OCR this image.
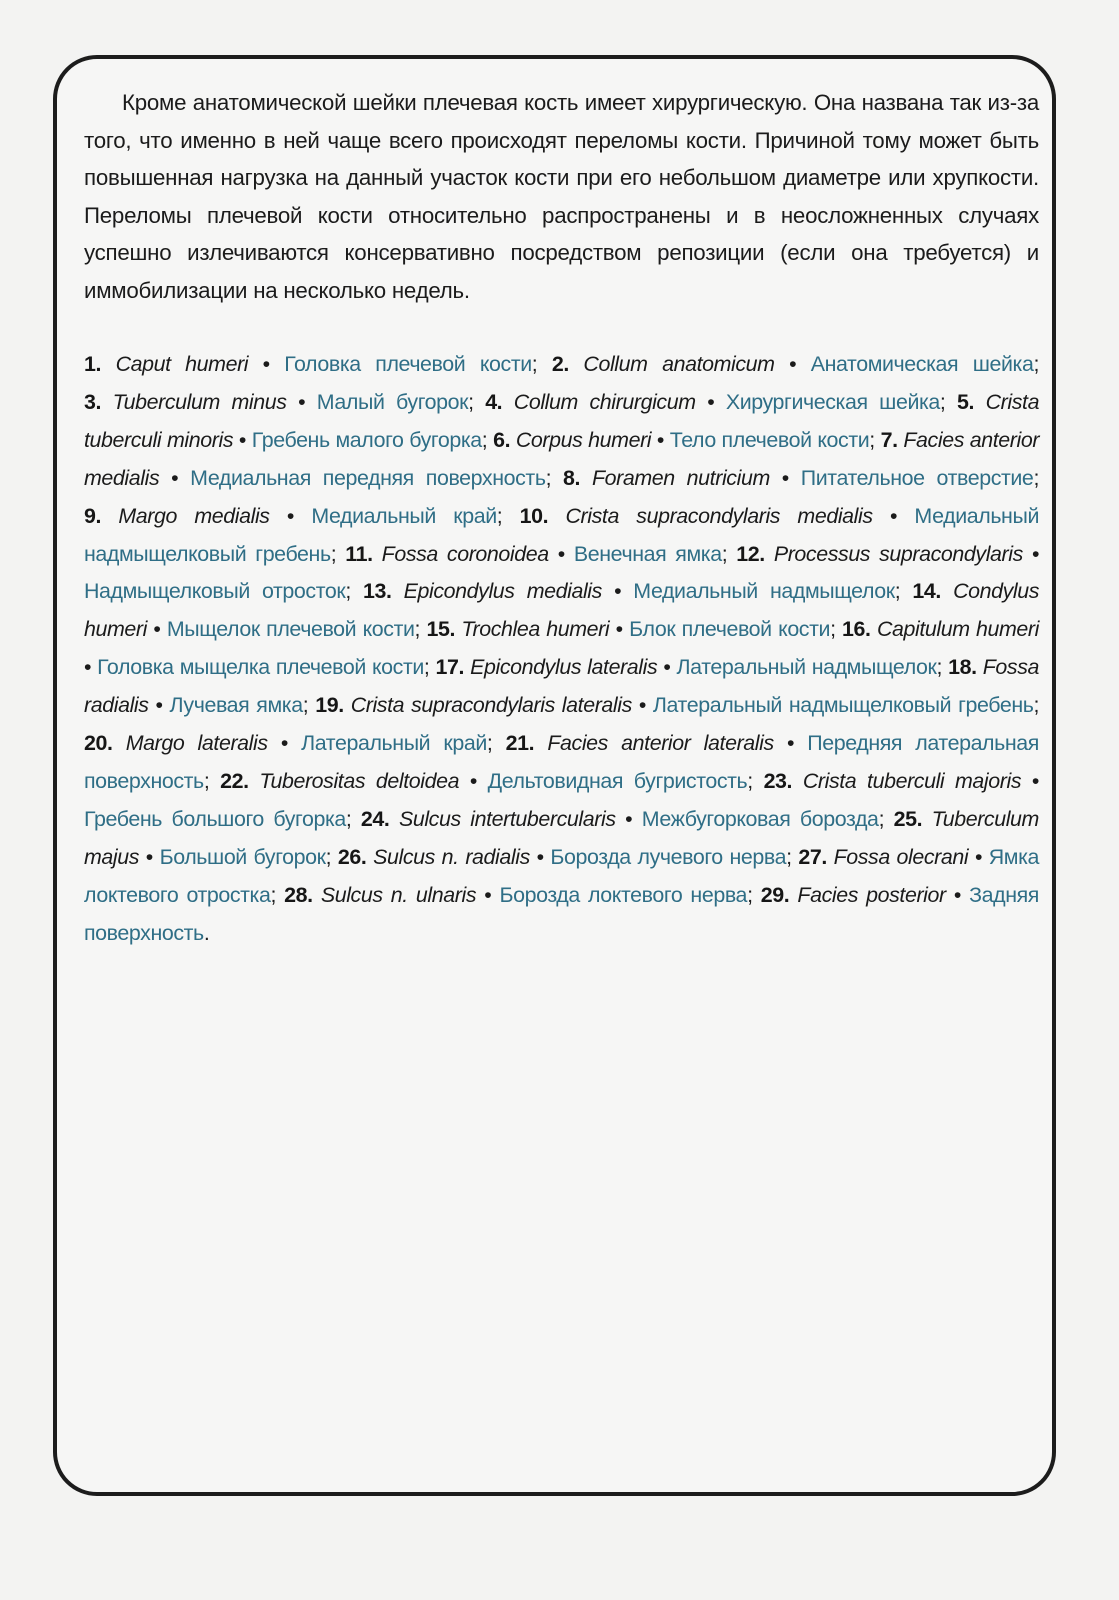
Кроме анатомической шейки плечевая кость имеет хирургическую. Она названа так из-за того, что именно в ней чаще всего происходят переломы кости. Причиной тому может быть повышенная нагрузка на данный участок кости при его небольшом диаметре или хрупкости. Переломы плечевой кости относительно распространены и в неосложненных случаях успешно излечиваются консервативно посредством репозиции (если она требуется) и иммобилизации на несколько недель.

1. Caput humeri • Головка плечевой кости; 2. Collum anatomicum • Анатомическая шейка; 3. Tuberculum minus • Малый бугорок; 4. Collum chirurgicum • Хирургическая шейка; 5. Crista tuberculi minoris • Гребень малого бугорка; 6. Corpus humeri • Тело плечевой кости; 7. Facies anterior medialis • Медиальная передняя поверхность; 8. Foramen nutricium • Питательное отверстие; 9. Margo medialis • Медиальный край; 10. Crista supracondylaris medialis • Медиальный надмыщелковый гребень; 11. Fossa coronoidea • Венечная ямка; 12. Processus supracondylaris • Надмыщелковый отросток; 13. Epicondylus medialis • Медиальный надмыщелок; 14. Condylus humeri • Мыщелок плечевой кости; 15. Trochlea humeri • Блок плечевой кости; 16. Capitulum humeri • Головка мыщелка плечевой кости; 17. Epicondylus lateralis • Латеральный надмыщелок; 18. Fossa radialis • Лучевая ямка; 19. Crista supracondylaris lateralis • Латеральный надмыщелковый гребень; 20. Margo lateralis • Латеральный край; 21. Facies anterior lateralis • Передняя латеральная поверхность; 22. Tuberositas deltoidea • Дельтовидная бугристость; 23. Crista tuberculi majoris • Гребень большого бугорка; 24. Sulcus intertubercularis • Межбугорковая борозда; 25. Tuberculum majus • Большой бугорок; 26. Sulcus n. radialis • Борозда лучевого нерва; 27. Fossa olecrani • Ямка локтевого отростка; 28. Sulcus n. ulnaris • Борозда локтевого нерва; 29. Facies posterior • Задняя поверхность.
